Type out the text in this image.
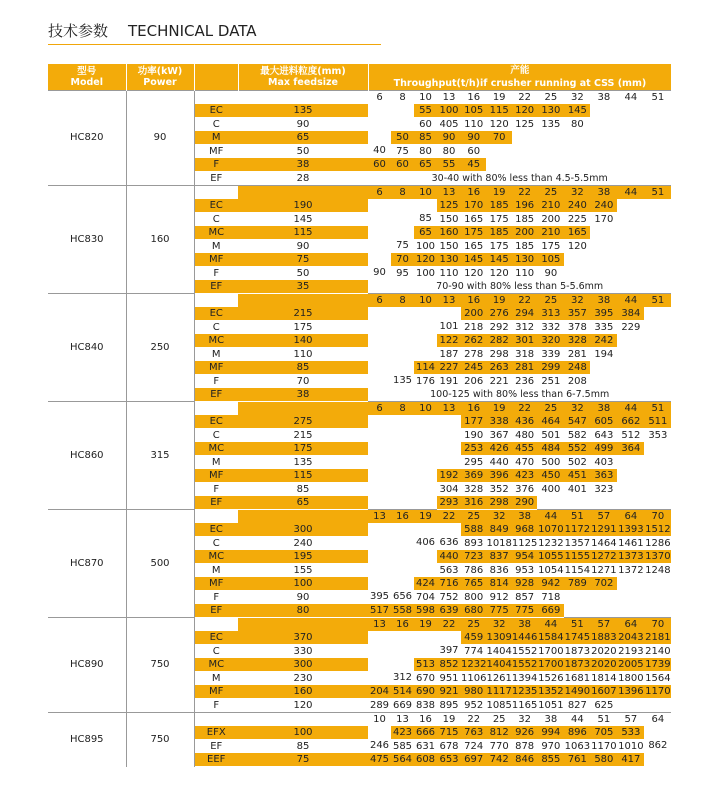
技术参数 TECHNICAL DATA
型号
Model	功率(kW)
Power		最大进料粒度(mm)
Max feedsize	产能											
				Throughput(t/h)if crusher running at CSS (mm)											
HC820	90			6	8	10	13	16	19	22	25	32	38	44	51
		EC	135			55	100	105	115	120	130	145			
		C	90			60	405	110	120	125	135	80			
		M	65		50	85	90	90	70						
		MF	50	40	75	80	80	60							
		F	38	60	60	65	55	45							
		EF	28	30-40 with 80% less than 4.5-5.5mm											
HC830	160			6	8	10	13	16	19	22	25	32	38	44	51
		EC	190				125	170	185	196	210	240	240		
		C	145			85	150	165	175	185	200	225	170		
		MC	115			65	160	175	185	200	210	165			
		M	90		75	100	150	165	175	185	175	120			
		MF	75		70	120	130	145	145	130	105				
		F	50	90	95	100	110	120	120	110	90				
		EF	35	70-90 with 80% less than 5-5.6mm											
HC840	250			6	8	10	13	16	19	22	25	32	38	44	51
		EC	215					200	276	294	313	357	395	384	
		C	175				101	218	292	312	332	378	335	229	
		MC	140				122	262	282	301	320	328	242		
		M	110				187	278	298	318	339	281	194		
		MF	85			114	227	245	263	281	299	248			
		F	70		135	176	191	206	221	236	251	208			
		EF	38	100-125 with 80% less than 6-7.5mm											
HC860	315			6	8	10	13	16	19	22	25	32	38	44	51
		EC	275					177	338	436	464	547	605	662	511
		C	215					190	367	480	501	582	643	512	353
		MC	175					253	426	455	484	552	499	364	
		M	135					295	440	470	500	502	403		
		MF	115				192	369	396	423	450	451	363		
		F	85				304	328	352	376	400	401	323		
		EF	65				293	316	298	290					
HC870	500			13	16	19	22	25	32	38	44	51	57	64	70
		EC	300					588	849	968	1070	1172	1291	1393	1512
		C	240			406	636	893	1018	1125	1232	1357	1464	1461	1286
		MC	195				440	723	837	954	1055	1155	1272	1373	1370
		M	155				563	786	836	953	1054	1154	1271	1372	1248
		MF	100			424	716	765	814	928	942	789	702		
		F	90	395	656	704	752	800	912	857	718				
		EF	80	517	558	598	639	680	775	775	669				
HC890	750			13	16	19	22	25	32	38	44	51	57	64	70
		EC	370					459	1309	1446	1584	1745	1883	2043	2181
		C	330				397	774	1404	1552	1700	1873	2020	2193	2140
		MC	300			513	852	1232	1404	1552	1700	1873	2020	2005	1739
		M	230		312	670	951	1106	1261	1394	1526	1681	1814	1800	1564
		MF	160	204	514	690	921	980	1117	1235	1352	1490	1607	1396	1170
		F	120	289	669	838	895	952	1085	1165	1051	827	625		
HC895	750			10	13	16	19	22	25	32	38	44	51	57	64
		EFX	100		423	666	715	763	812	926	994	896	705	533	
		EF	85	246	585	631	678	724	770	878	970	1063	1170	1010	862
		EEF	75	475	564	608	653	697	742	846	855	761	580	417	
